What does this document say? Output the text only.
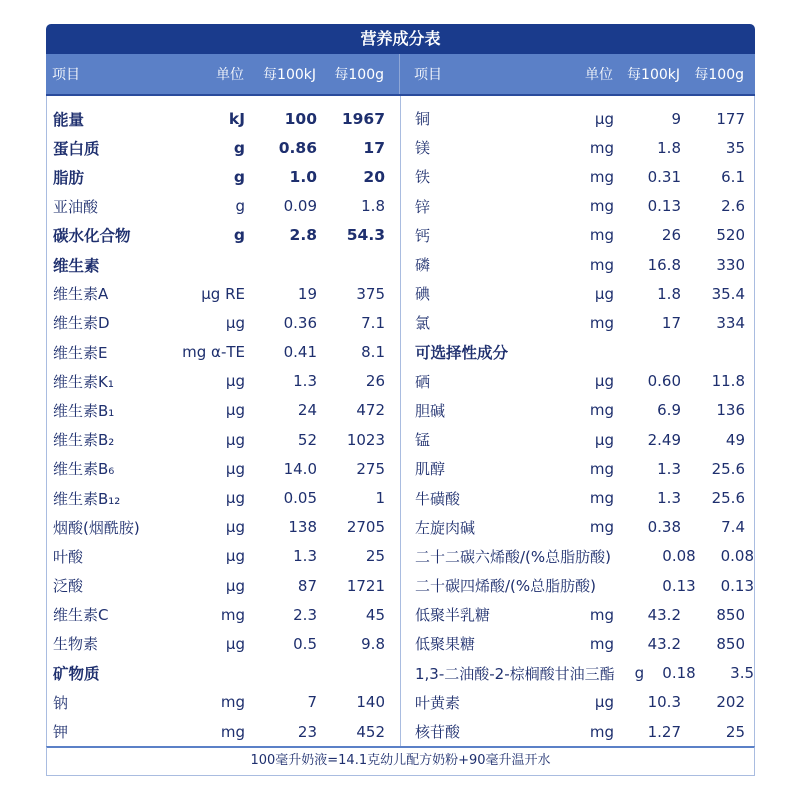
营养成分表
项目	单位	每100kJ	每100g	项目	单位	每100kJ	每100g
能量	kJ	100	1967
蛋白质	g	0.86	17
脂肪	g	1.0	20
亚油酸	g	0.09	1.8
碳水化合物	g	2.8	54.3
维生素
维生素A	μg RE	19	375
维生素D	μg	0.36	7.1
维生素E	mg α-TE	0.41	8.1
维生素K₁	μg	1.3	26
维生素B₁	μg	24	472
维生素B₂	μg	52	1023
维生素B₆	μg	14.0	275
维生素B₁₂	μg	0.05	1
烟酸(烟酰胺)	μg	138	2705
叶酸	μg	1.3	25
泛酸	μg	87	1721
维生素C	mg	2.3	45
生物素	μg	0.5	9.8
矿物质
钠	mg	7	140
钾	mg	23	452
铜	μg	9	177
镁	mg	1.8	35
铁	mg	0.31	6.1
锌	mg	0.13	2.6
钙	mg	26	520
磷	mg	16.8	330
碘	μg	1.8	35.4
氯	mg	17	334
可选择性成分
硒	μg	0.60	11.8
胆碱	mg	6.9	136
锰	μg	2.49	49
肌醇	mg	1.3	25.6
牛磺酸	mg	1.3	25.6
左旋肉碱	mg	0.38	7.4
二十二碳六烯酸/(%总脂肪酸)	0.08	0.08
二十碳四烯酸/(%总脂肪酸)	0.13	0.13
低聚半乳糖	mg	43.2	850
低聚果糖	mg	43.2	850
1,3-二油酸-2-棕榈酸甘油三酯	g	0.18	3.5
叶黄素	μg	10.3	202
核苷酸	mg	1.27	25
100毫升奶液=14.1克幼儿配方奶粉+90毫升温开水
